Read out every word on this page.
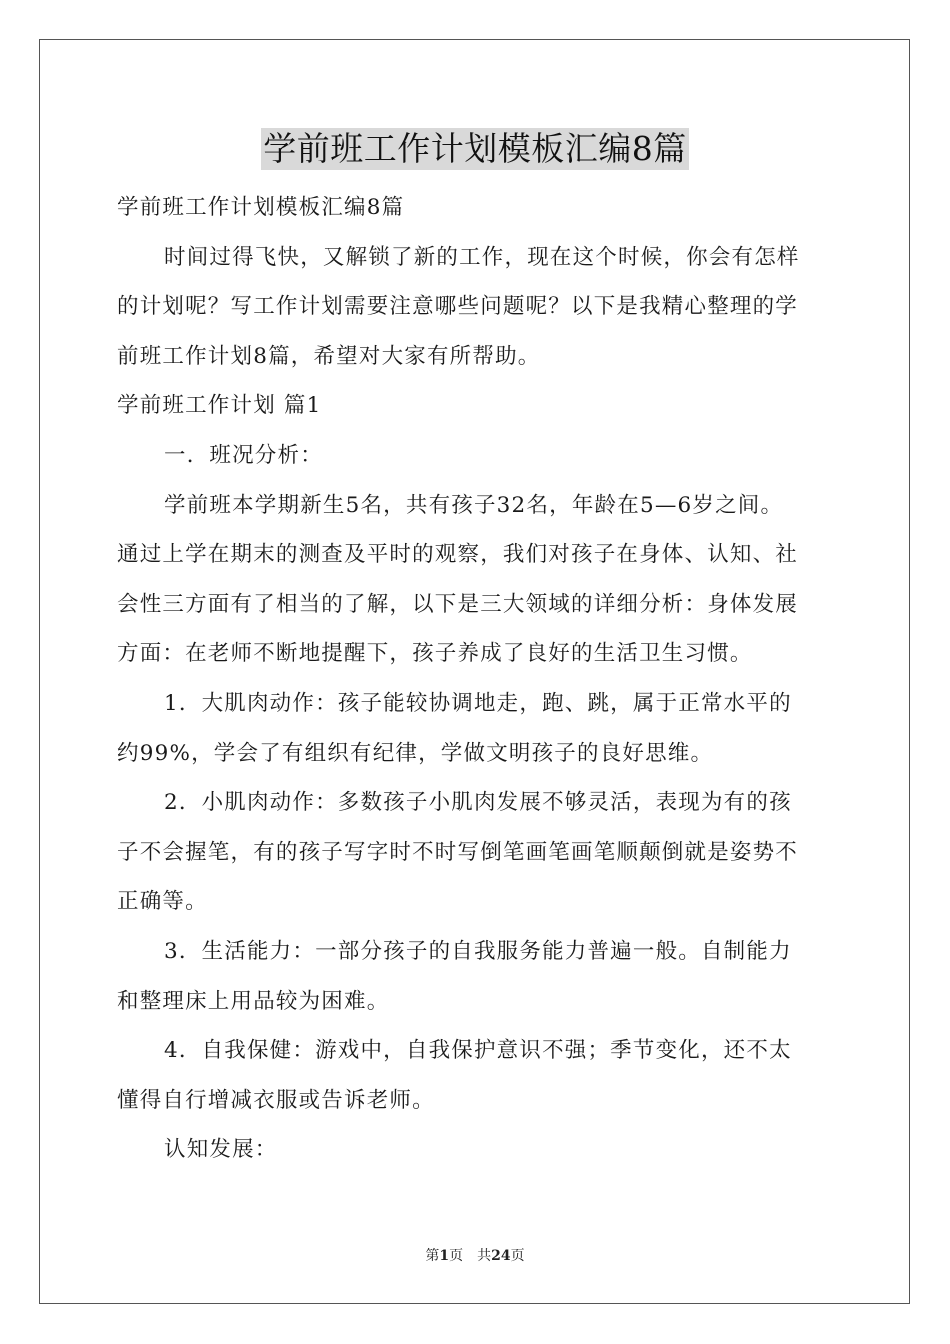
学前班工作计划模板汇编8篇

学前班工作计划模板汇编8篇

时间过得飞快，又解锁了新的工作，现在这个时候，你会有怎样

的计划呢？写工作计划需要注意哪些问题呢？以下是我精心整理的学

前班工作计划8篇，希望对大家有所帮助。

学前班工作计划 篇1

一．班况分析：

学前班本学期新生5名，共有孩子32名，年龄在5—6岁之间。

通过上学在期末的测查及平时的观察，我们对孩子在身体、认知、社

会性三方面有了相当的了解，以下是三大领域的详细分析：身体发展

方面：在老师不断地提醒下，孩子养成了良好的生活卫生习惯。

1．大肌肉动作：孩子能较协调地走，跑、跳，属于正常水平的

约99%，学会了有组织有纪律，学做文明孩子的良好思维。

2．小肌肉动作：多数孩子小肌肉发展不够灵活，表现为有的孩

子不会握笔，有的孩子写字时不时写倒笔画笔画笔顺颠倒就是姿势不

正确等。

3．生活能力：一部分孩子的自我服务能力普遍一般。自制能力

和整理床上用品较为困难。

4．自我保健：游戏中，自我保护意识不强；季节变化，还不太

懂得自行增减衣服或告诉老师。

认知发展：

第1页　共24页
